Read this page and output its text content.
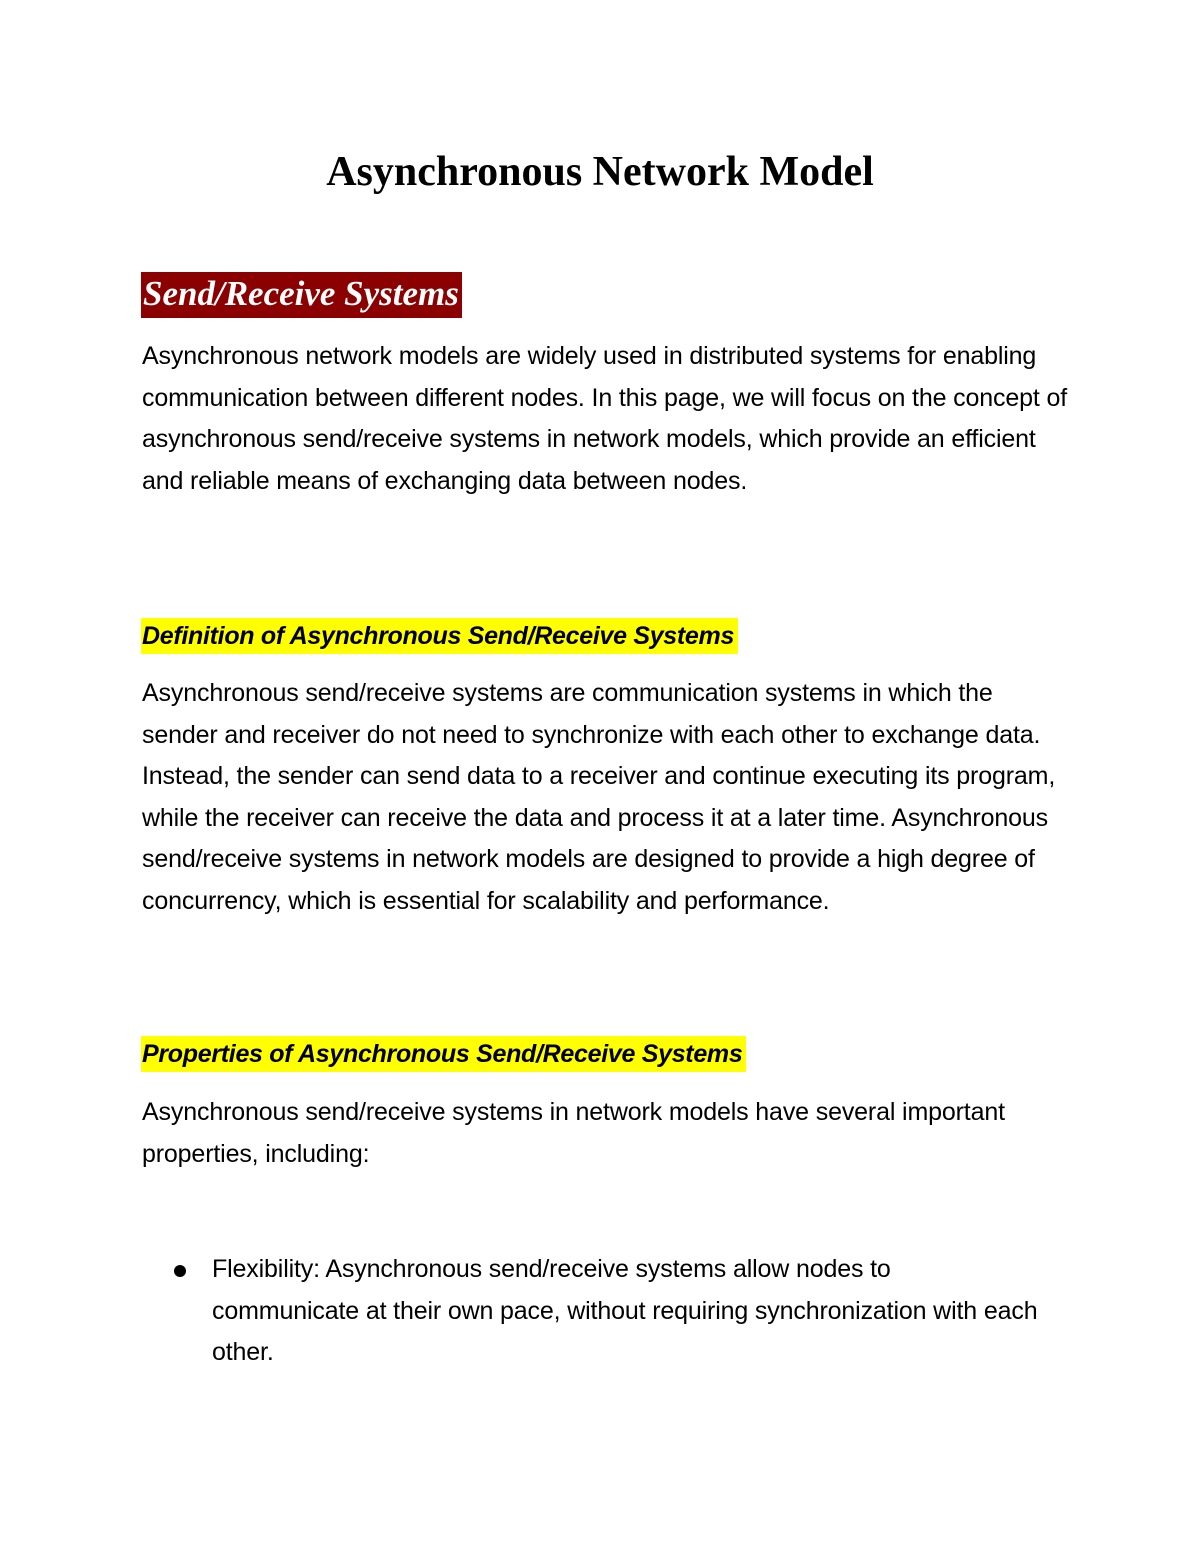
Asynchronous Network Model
Send/Receive Systems

Asynchronous network models are widely used in distributed systems for enabling communication between different nodes. In this page, we will focus on the concept of asynchronous send/receive systems in network models, which provide an efficient and reliable means of exchanging data between nodes.

Definition of Asynchronous Send/Receive Systems

Asynchronous send/receive systems are communication systems in which the sender and receiver do not need to synchronize with each other to exchange data. Instead, the sender can send data to a receiver and continue executing its program, while the receiver can receive the data and process it at a later time. Asynchronous send/receive systems in network models are designed to provide a high degree of concurrency, which is essential for scalability and performance.

Properties of Asynchronous Send/Receive Systems

Asynchronous send/receive systems in network models have several important properties, including:

Flexibility: Asynchronous send/receive systems allow nodes to communicate at their own pace, without requiring synchronization with each other.
